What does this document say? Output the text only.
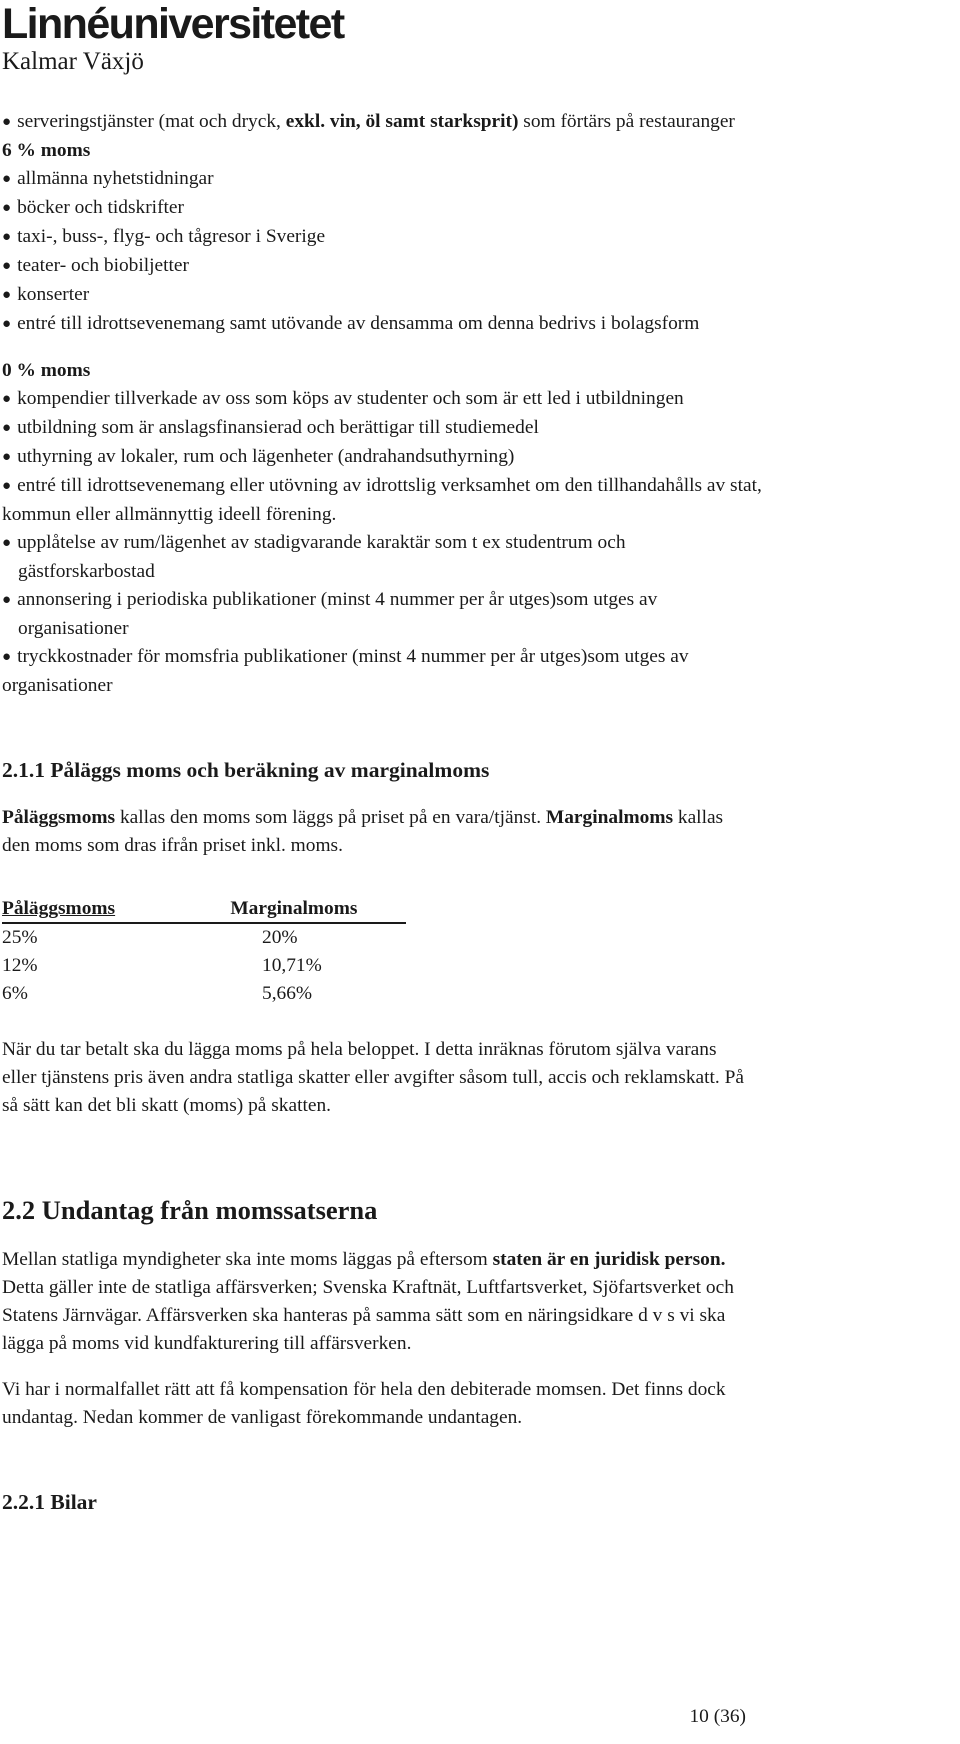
Linnéuniversitetet
Kalmar Växjö
● serveringstjänster (mat och dryck, exkl. vin, öl samt starksprit) som förtärs på restauranger
6 % moms
● allmänna nyhetstidningar
● böcker och tidskrifter
● taxi-, buss-, flyg- och tågresor i Sverige
● teater- och biobiljetter
● konserter
● entré till idrottsevenemang samt utövande av densamma om denna bedrivs i bolagsform
0 % moms
● kompendier tillverkade av oss som köps av studenter och som är ett led i utbildningen
● utbildning som är anslagsfinansierad och berättigar till studiemedel
● uthyrning av lokaler, rum och lägenheter (andrahandsuthyrning)
● entré till idrottsevenemang eller utövning av idrottslig verksamhet om den tillhandahålls av stat,
kommun eller allmännyttig ideell förening.
● upplåtelse av rum/lägenhet av stadigvarande karaktär som t ex studentrum och
gästforskarbostad
● annonsering i periodiska publikationer (minst 4 nummer per år utges)som utges av
organisationer
● tryckkostnader för momsfria publikationer (minst 4 nummer per år utges)som utges av
organisationer
2.1.1 Påläggs moms och beräkning av marginalmoms
Påläggsmoms kallas den moms som läggs på priset på en vara/tjänst. Marginalmoms kallas
den moms som dras ifrån priset inkl. moms.
Påläggsmoms	Marginalmoms
25%	20%
12%	10,71%
6%	5,66%
När du tar betalt ska du lägga moms på hela beloppet. I detta inräknas förutom själva varans
eller tjänstens pris även andra statliga skatter eller avgifter såsom tull, accis och reklamskatt. På
så sätt kan det bli skatt (moms) på skatten.
2.2 Undantag från momssatserna
Mellan statliga myndigheter ska inte moms läggas på eftersom staten är en juridisk person.
Detta gäller inte de statliga affärsverken; Svenska Kraftnät, Luftfartsverket, Sjöfartsverket och
Statens Järnvägar. Affärsverken ska hanteras på samma sätt som en näringsidkare d v s vi ska
lägga på moms vid kundfakturering till affärsverken.
Vi har i normalfallet rätt att få kompensation för hela den debiterade momsen. Det finns dock
undantag. Nedan kommer de vanligast förekommande undantagen.
2.2.1 Bilar
10 (36)
